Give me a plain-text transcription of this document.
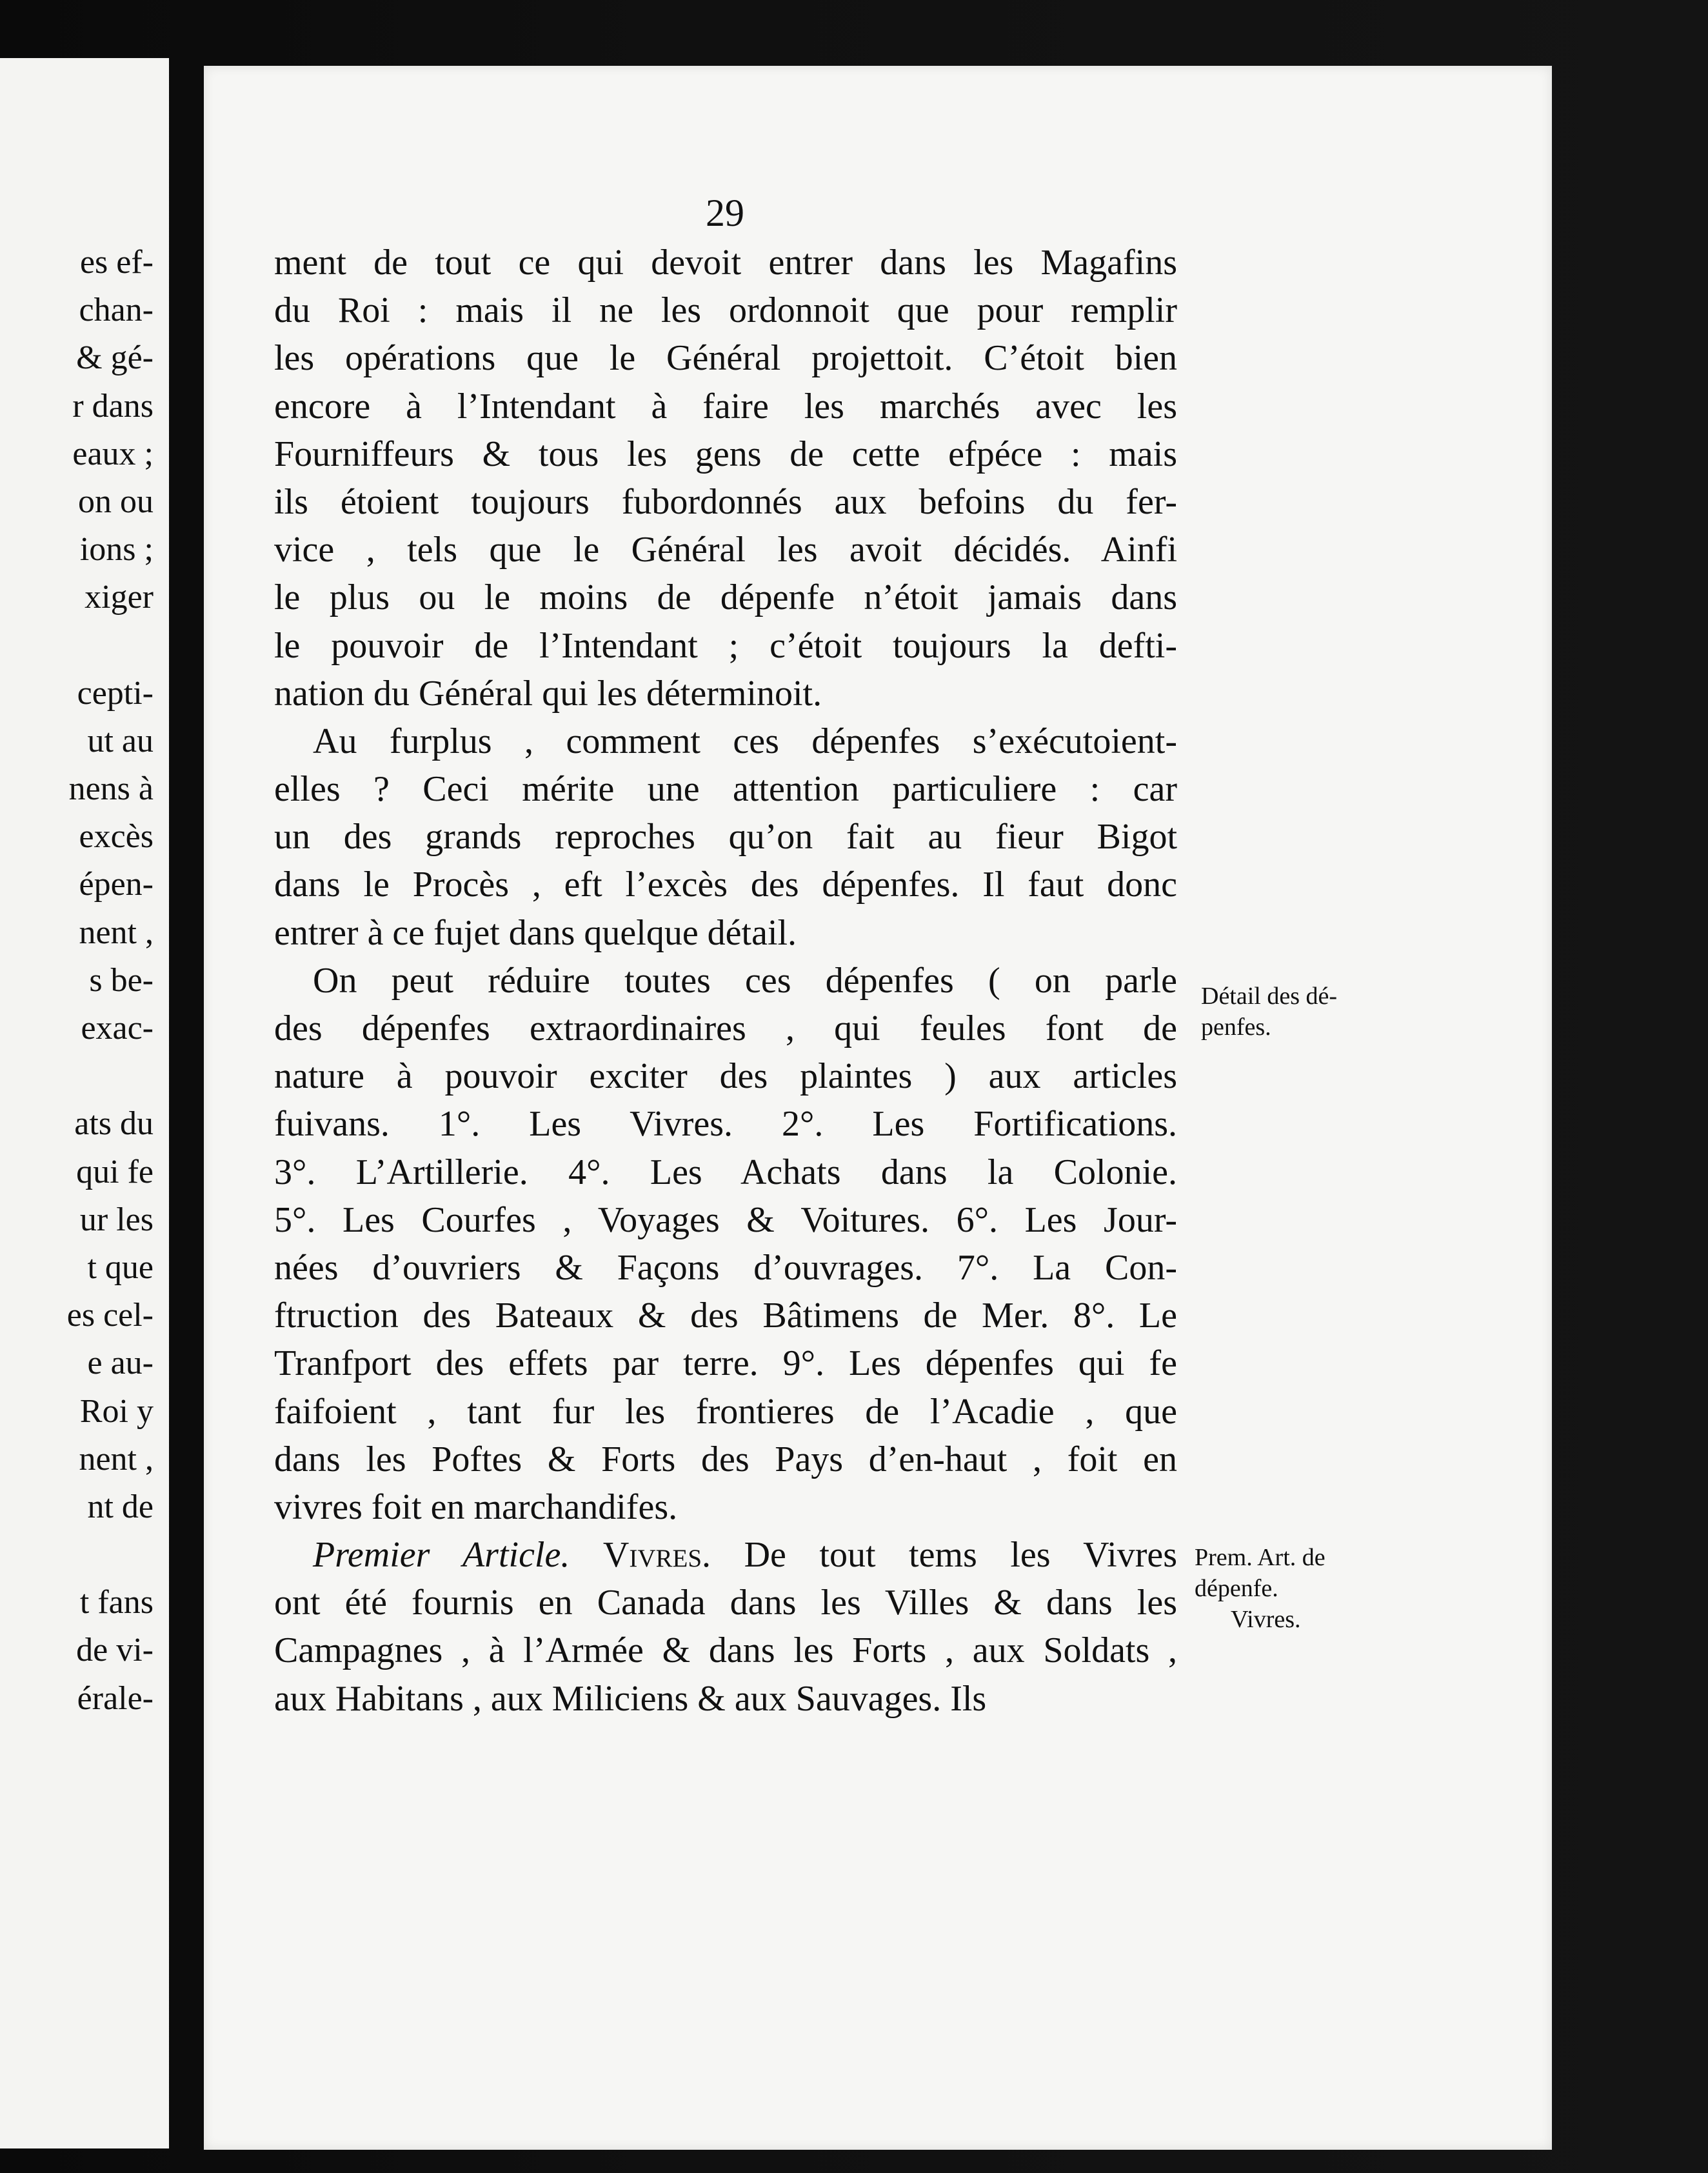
es ef-
chan-
& gé-
r dans
eaux ;
on ou
ions ;
xiger
cepti-
ut au
nens à
excès
épen-
nent ,
s be-
exac-
ats du
qui fe
ur les
t que
es cel-
e au-
Roi y
nent ,
nt de
t fans
de vi-
érale-
29
ment de tout ce qui devoit entrer dans les Magafins
du Roi : mais il ne les ordonnoit que pour remplir
les opérations que le Général projettoit. C’étoit bien
encore à l’Intendant à faire les marchés avec les
Fourniffeurs & tous les gens de cette efpéce : mais
ils étoient toujours fubordonnés aux befoins du fer-
vice , tels que le Général les avoit décidés. Ainfi
le plus ou le moins de dépenfe n’étoit jamais dans
le pouvoir de l’Intendant ; c’étoit toujours la defti-
nation du Général qui les déterminoit.
Au furplus , comment ces dépenfes s’exécutoient-
elles ? Ceci mérite une attention particuliere : car
un des grands reproches qu’on fait au fieur Bigot
dans le Procès , eft l’excès des dépenfes. Il faut donc
entrer à ce fujet dans quelque détail.
On peut réduire toutes ces dépenfes ( on parle
des dépenfes extraordinaires , qui feules font de
nature à pouvoir exciter des plaintes ) aux articles
fuivans. 1°. Les Vivres. 2°. Les Fortifications.
3°. L’Artillerie. 4°. Les Achats dans la Colonie.
5°. Les Courfes , Voyages & Voitures. 6°. Les Jour-
nées d’ouvriers & Façons d’ouvrages. 7°. La Con-
ftruction des Bateaux & des Bâtimens de Mer. 8°. Le
Tranfport des effets par terre. 9°. Les dépenfes qui fe
faifoient , tant fur les frontieres de l’Acadie , que
dans les Poftes & Forts des Pays d’en-haut , foit en
vivres foit en marchandifes.
Premier Article. Vivres. De tout tems les Vivres
ont été fournis en Canada dans les Villes & dans les
Campagnes , à l’Armée & dans les Forts , aux Soldats ,
aux Habitans , aux Miliciens & aux Sauvages. Ils
Détail des dé-
penfes.
Prem. Art. de
dépenfe.
Vivres.
